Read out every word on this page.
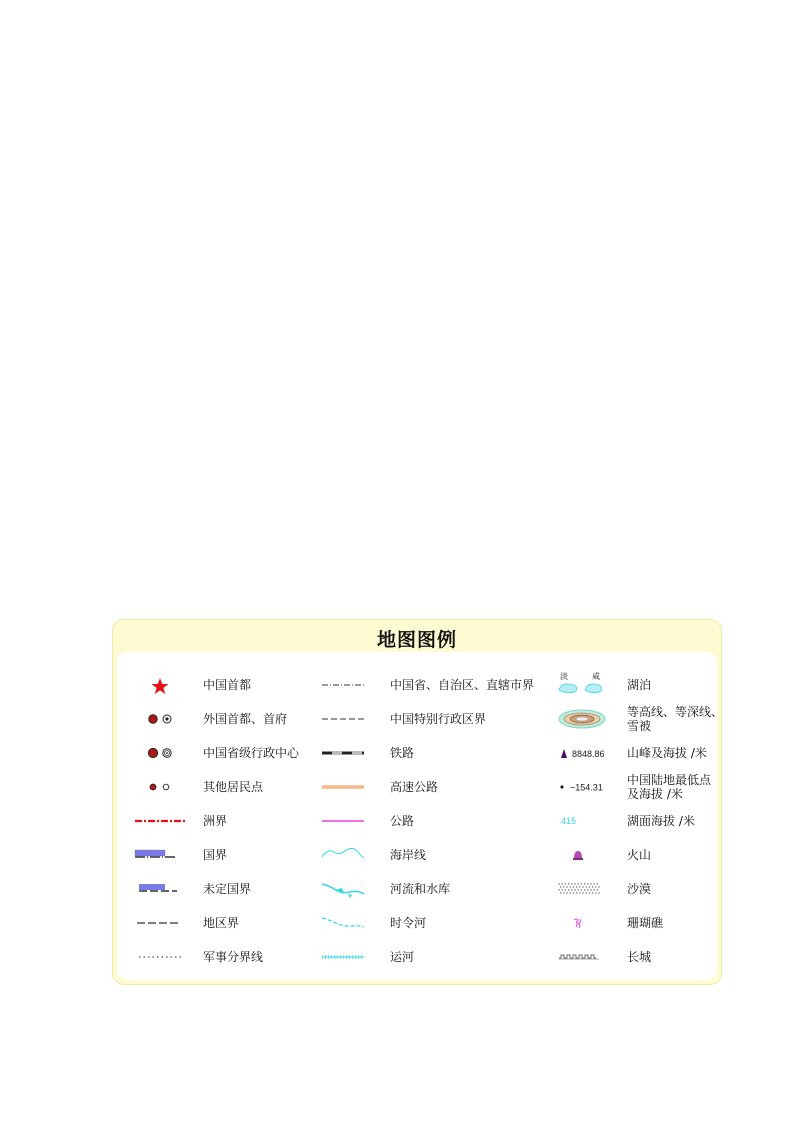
地图图例
中国首都
外国首都、首府
中国省级行政中心
其他居民点
洲界
国界
未定国界
地区界
军事分界线
中国省、自治区、直辖市界
中国特别行政区界
铁路
高速公路
公路
海岸线
河流和水库
时令河
运河
淡	咸
湖泊
等高线、等深线、
雪被
8848.86 山峰及海拔 /米
−154.31
中国陆地最低点
及海拔 /米
415	湖面海拔 /米
火山
沙漠
珊瑚礁
长城
